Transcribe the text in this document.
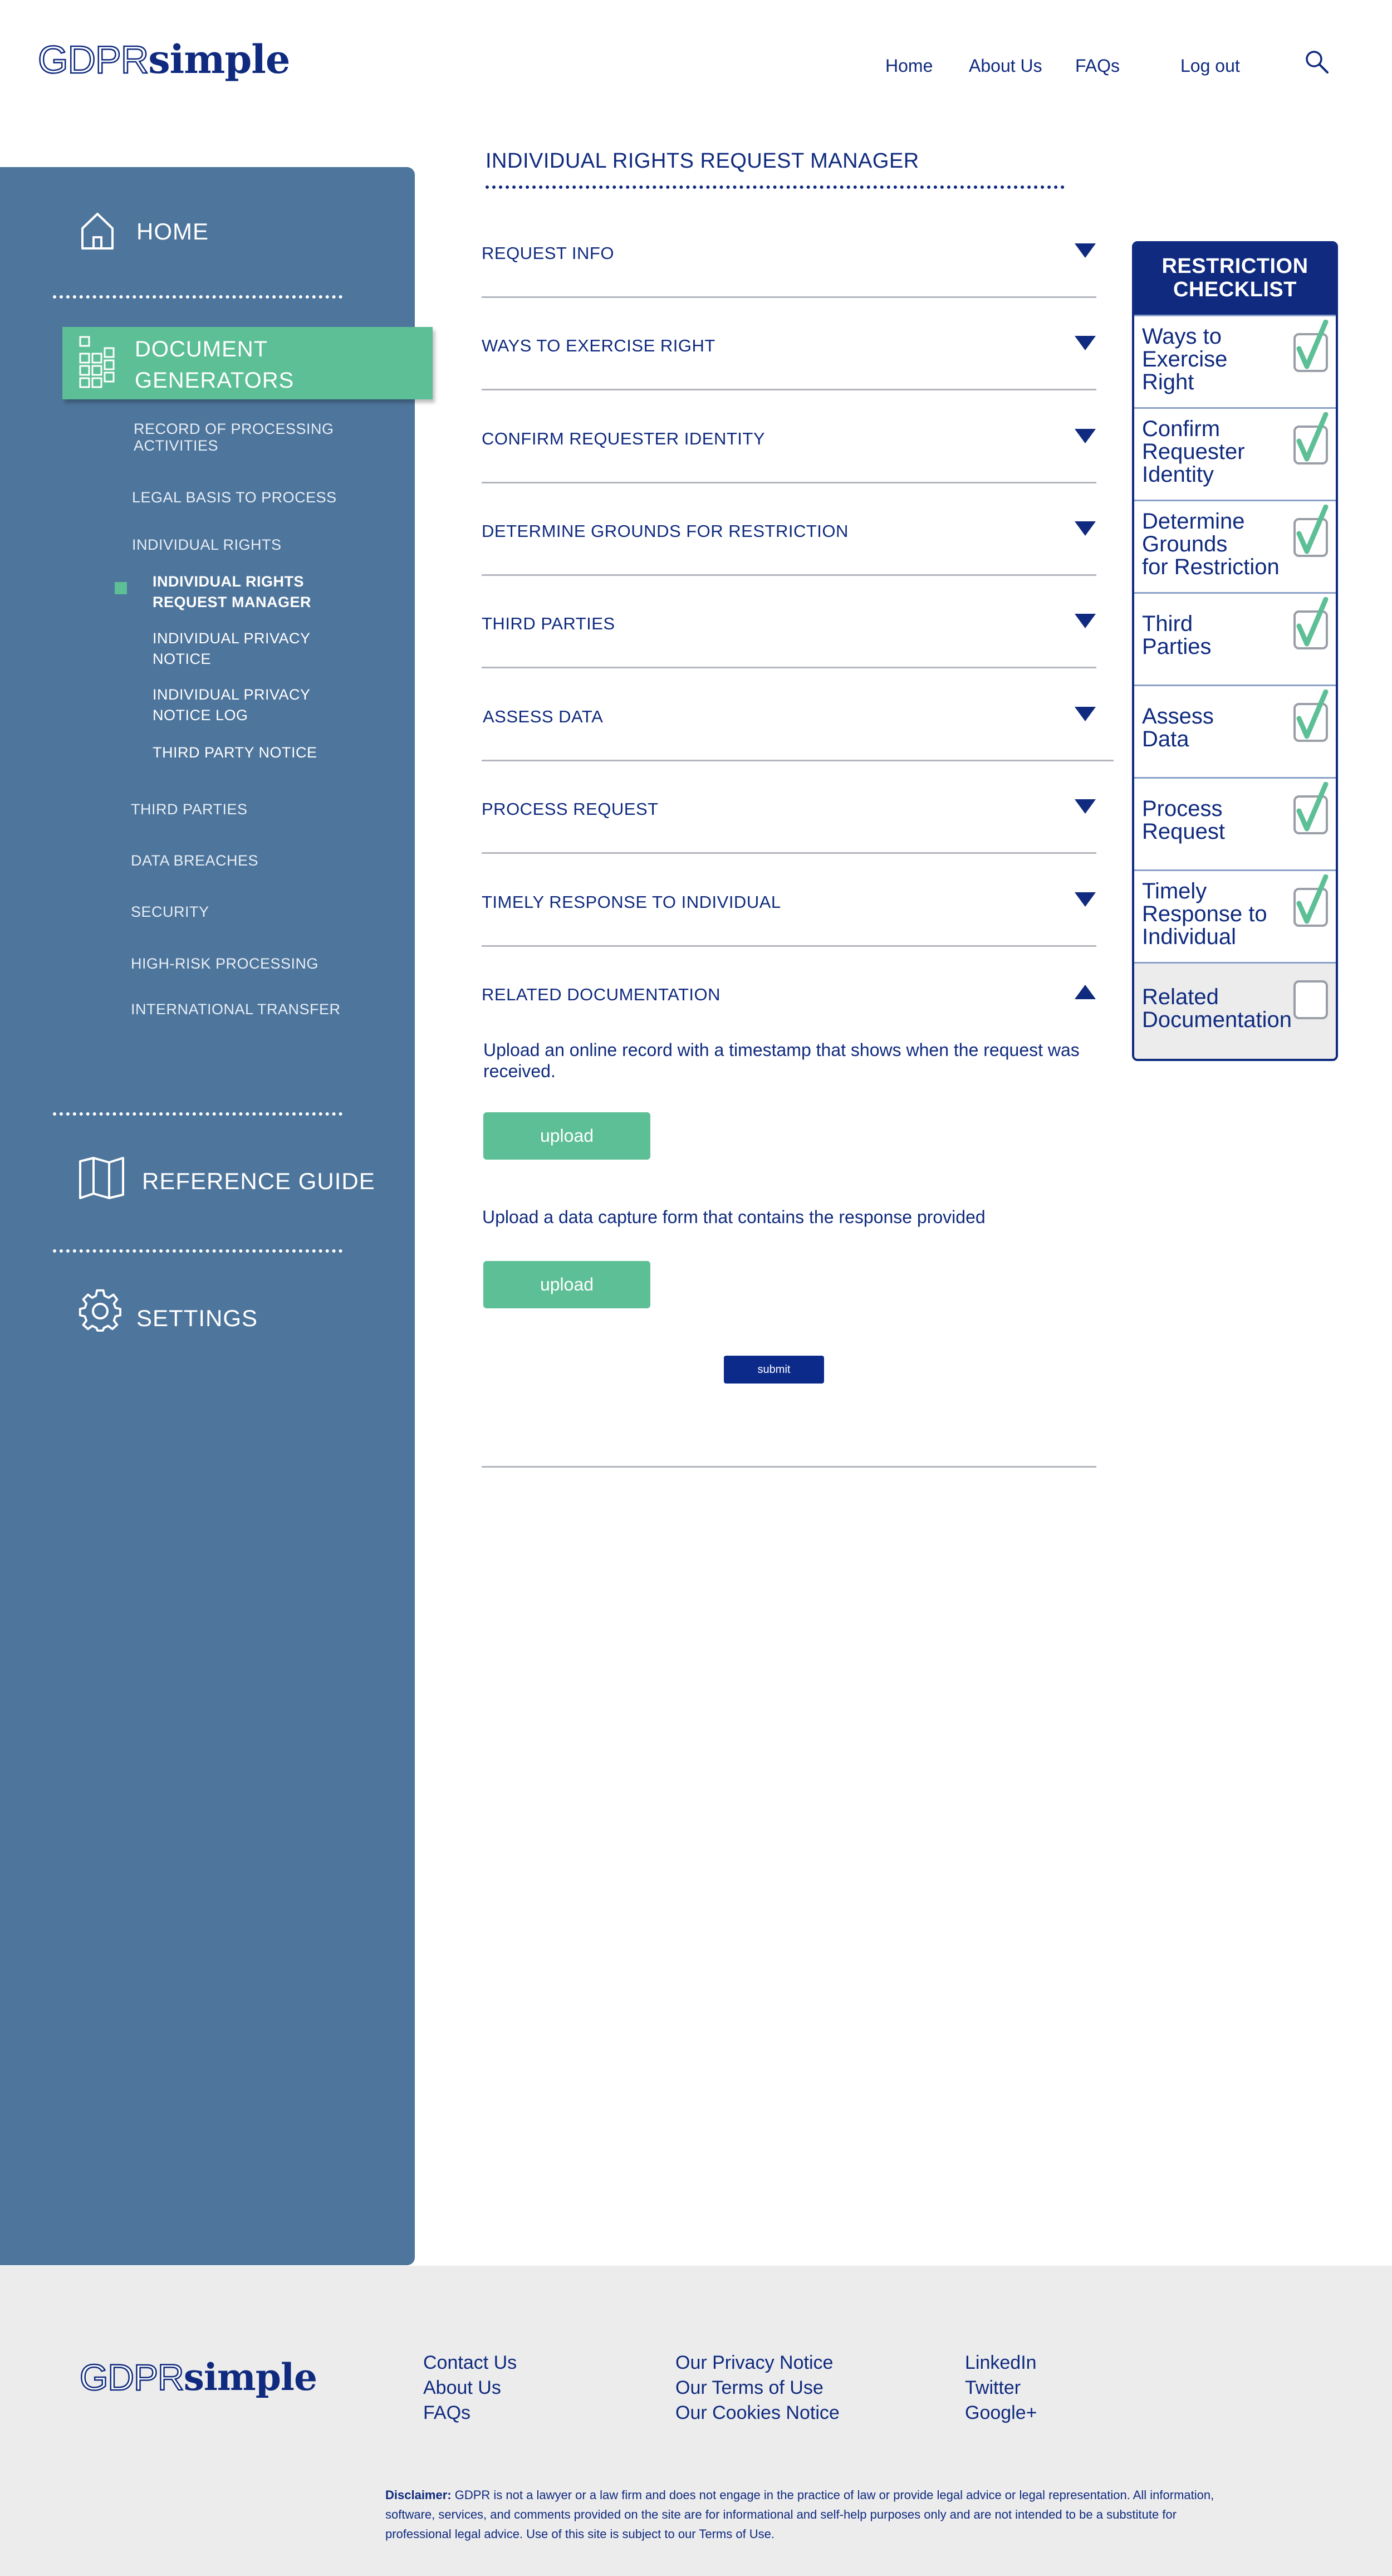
GDPRsimple	Home About Us FAQs	Log out
HOME
DOCUMENT
GENERATORS
RECORD OF PROCESSING
ACTIVITIES
LEGAL BASIS TO PROCESS
INDIVIDUAL RIGHTS
INDIVIDUAL RIGHTS
REQUEST MANAGER
INDIVIDUAL PRIVACY
NOTICE
INDIVIDUAL PRIVACY
NOTICE LOG
THIRD PARTY NOTICE
THIRD PARTIES
DATA BREACHES
SECURITY
HIGH-RISK PROCESSING
INTERNATIONAL TRANSFER
REFERENCE GUIDE
SETTINGS
INDIVIDUAL RIGHTS REQUEST MANAGER
REQUEST INFO
WAYS TO EXERCISE RIGHT
CONFIRM REQUESTER IDENTITY
DETERMINE GROUNDS FOR RESTRICTION
THIRD PARTIES
ASSESS DATA
PROCESS REQUEST
TIMELY RESPONSE TO INDIVIDUAL
RELATED DOCUMENTATION
Upload an online record with a timestamp that shows when the request was received.
upload
Upload a data capture form that contains the response provided
upload
submit
RESTRICTION
CHECKLIST
Ways to
Exercise
Right
Confirm
Requester
Identity
Determine
Grounds
for Restriction
Third
Parties
Assess
Data
Process
Request
Timely
Response to
Individual
Related
Documentation
GDPRsimple	Contact Us
About Us
FAQs
Our Privacy Notice
Our Terms of Use
Our Cookies Notice
LinkedIn
Twitter
Google+
Disclaimer: GDPR is not a lawyer or a law firm and does not engage in the practice of law or provide legal advice or legal representation. All information, software, services, and comments provided on the site are for informational and self-help purposes only and are not intended to be a substitute for professional legal advice. Use of this site is subject to our Terms of Use.
